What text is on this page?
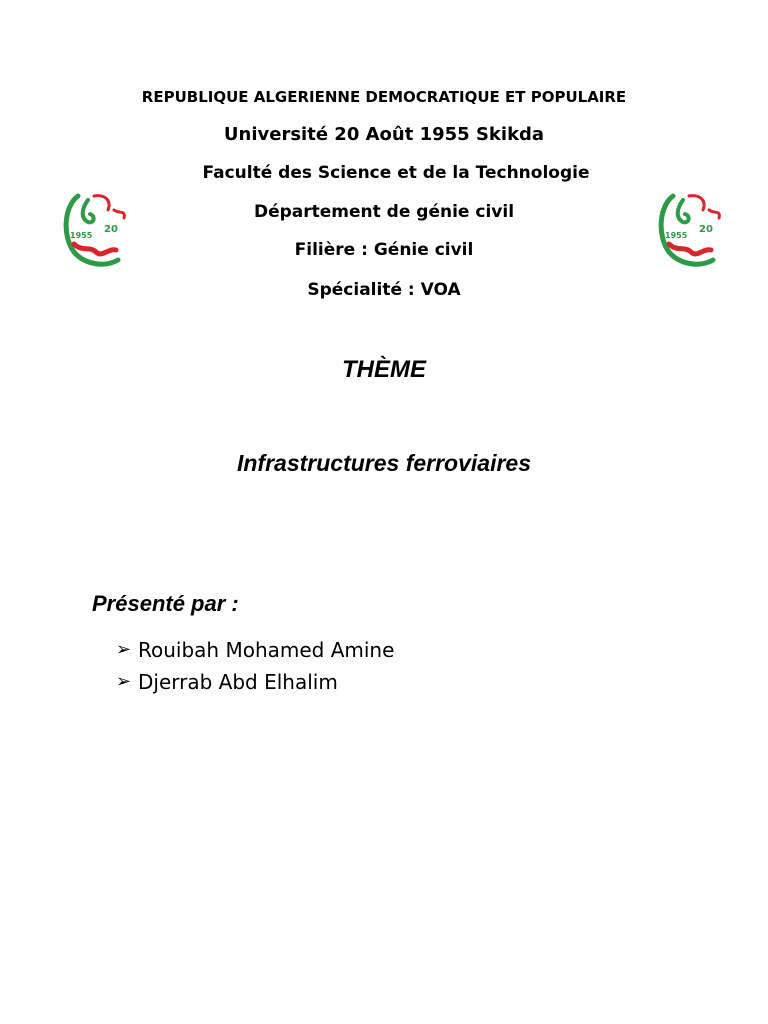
REPUBLIQUE ALGERIENNE DEMOCRATIQUE ET POPULAIRE
Université 20 Août 1955 Skikda
Faculté des Science et de la Technologie
Département de génie civil
Filière : Génie civil
Spécialité : VOA
1955
20
1955
20
THÈME
Infrastructures ferroviaires
Présenté par :
➢ Rouibah Mohamed Amine
➢ Djerrab Abd Elhalim
